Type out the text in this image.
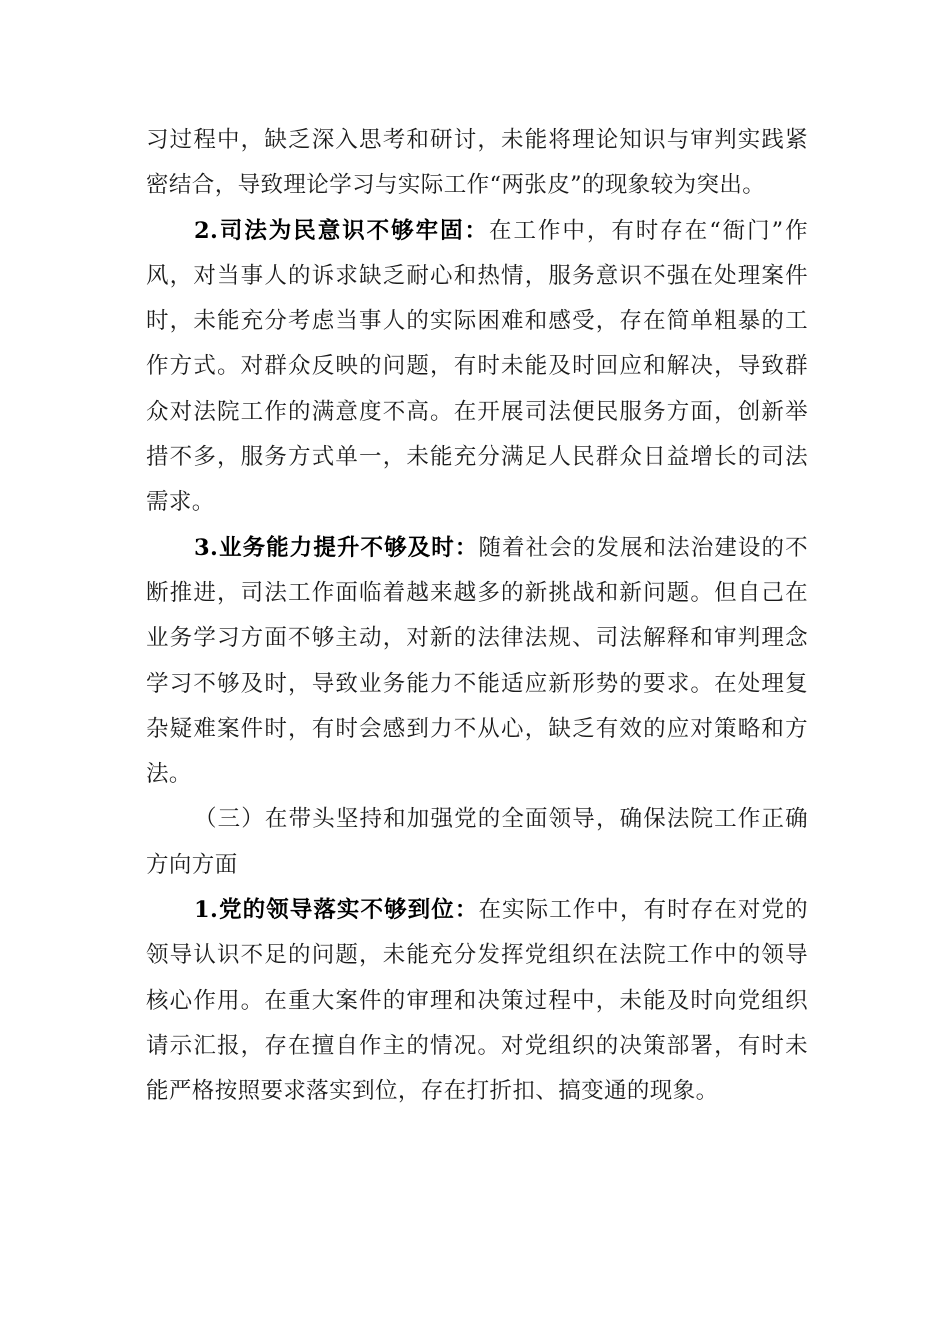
习过程中，缺乏深入思考和研讨，未能将理论知识与审判实践紧密结合，导致理论学习与实际工作“两张皮”的现象较为突出。

2.司法为民意识不够牢固：在工作中，有时存在“衙门”作风，对当事人的诉求缺乏耐心和热情，服务意识不强在处理案件时，未能充分考虑当事人的实际困难和感受，存在简单粗暴的工作方式。对群众反映的问题，有时未能及时回应和解决，导致群众对法院工作的满意度不高。在开展司法便民服务方面，创新举措不多，服务方式单一，未能充分满足人民群众日益增长的司法需求。

3.业务能力提升不够及时：随着社会的发展和法治建设的不断推进，司法工作面临着越来越多的新挑战和新问题。但自己在业务学习方面不够主动，对新的法律法规、司法解释和审判理念学习不够及时，导致业务能力不能适应新形势的要求。在处理复杂疑难案件时，有时会感到力不从心，缺乏有效的应对策略和方法。

（三）在带头坚持和加强党的全面领导，确保法院工作正确方向方面

1.党的领导落实不够到位：在实际工作中，有时存在对党的领导认识不足的问题，未能充分发挥党组织在法院工作中的领导核心作用。在重大案件的审理和决策过程中，未能及时向党组织请示汇报，存在擅自作主的情况。对党组织的决策部署，有时未能严格按照要求落实到位，存在打折扣、搞变通的现象。
